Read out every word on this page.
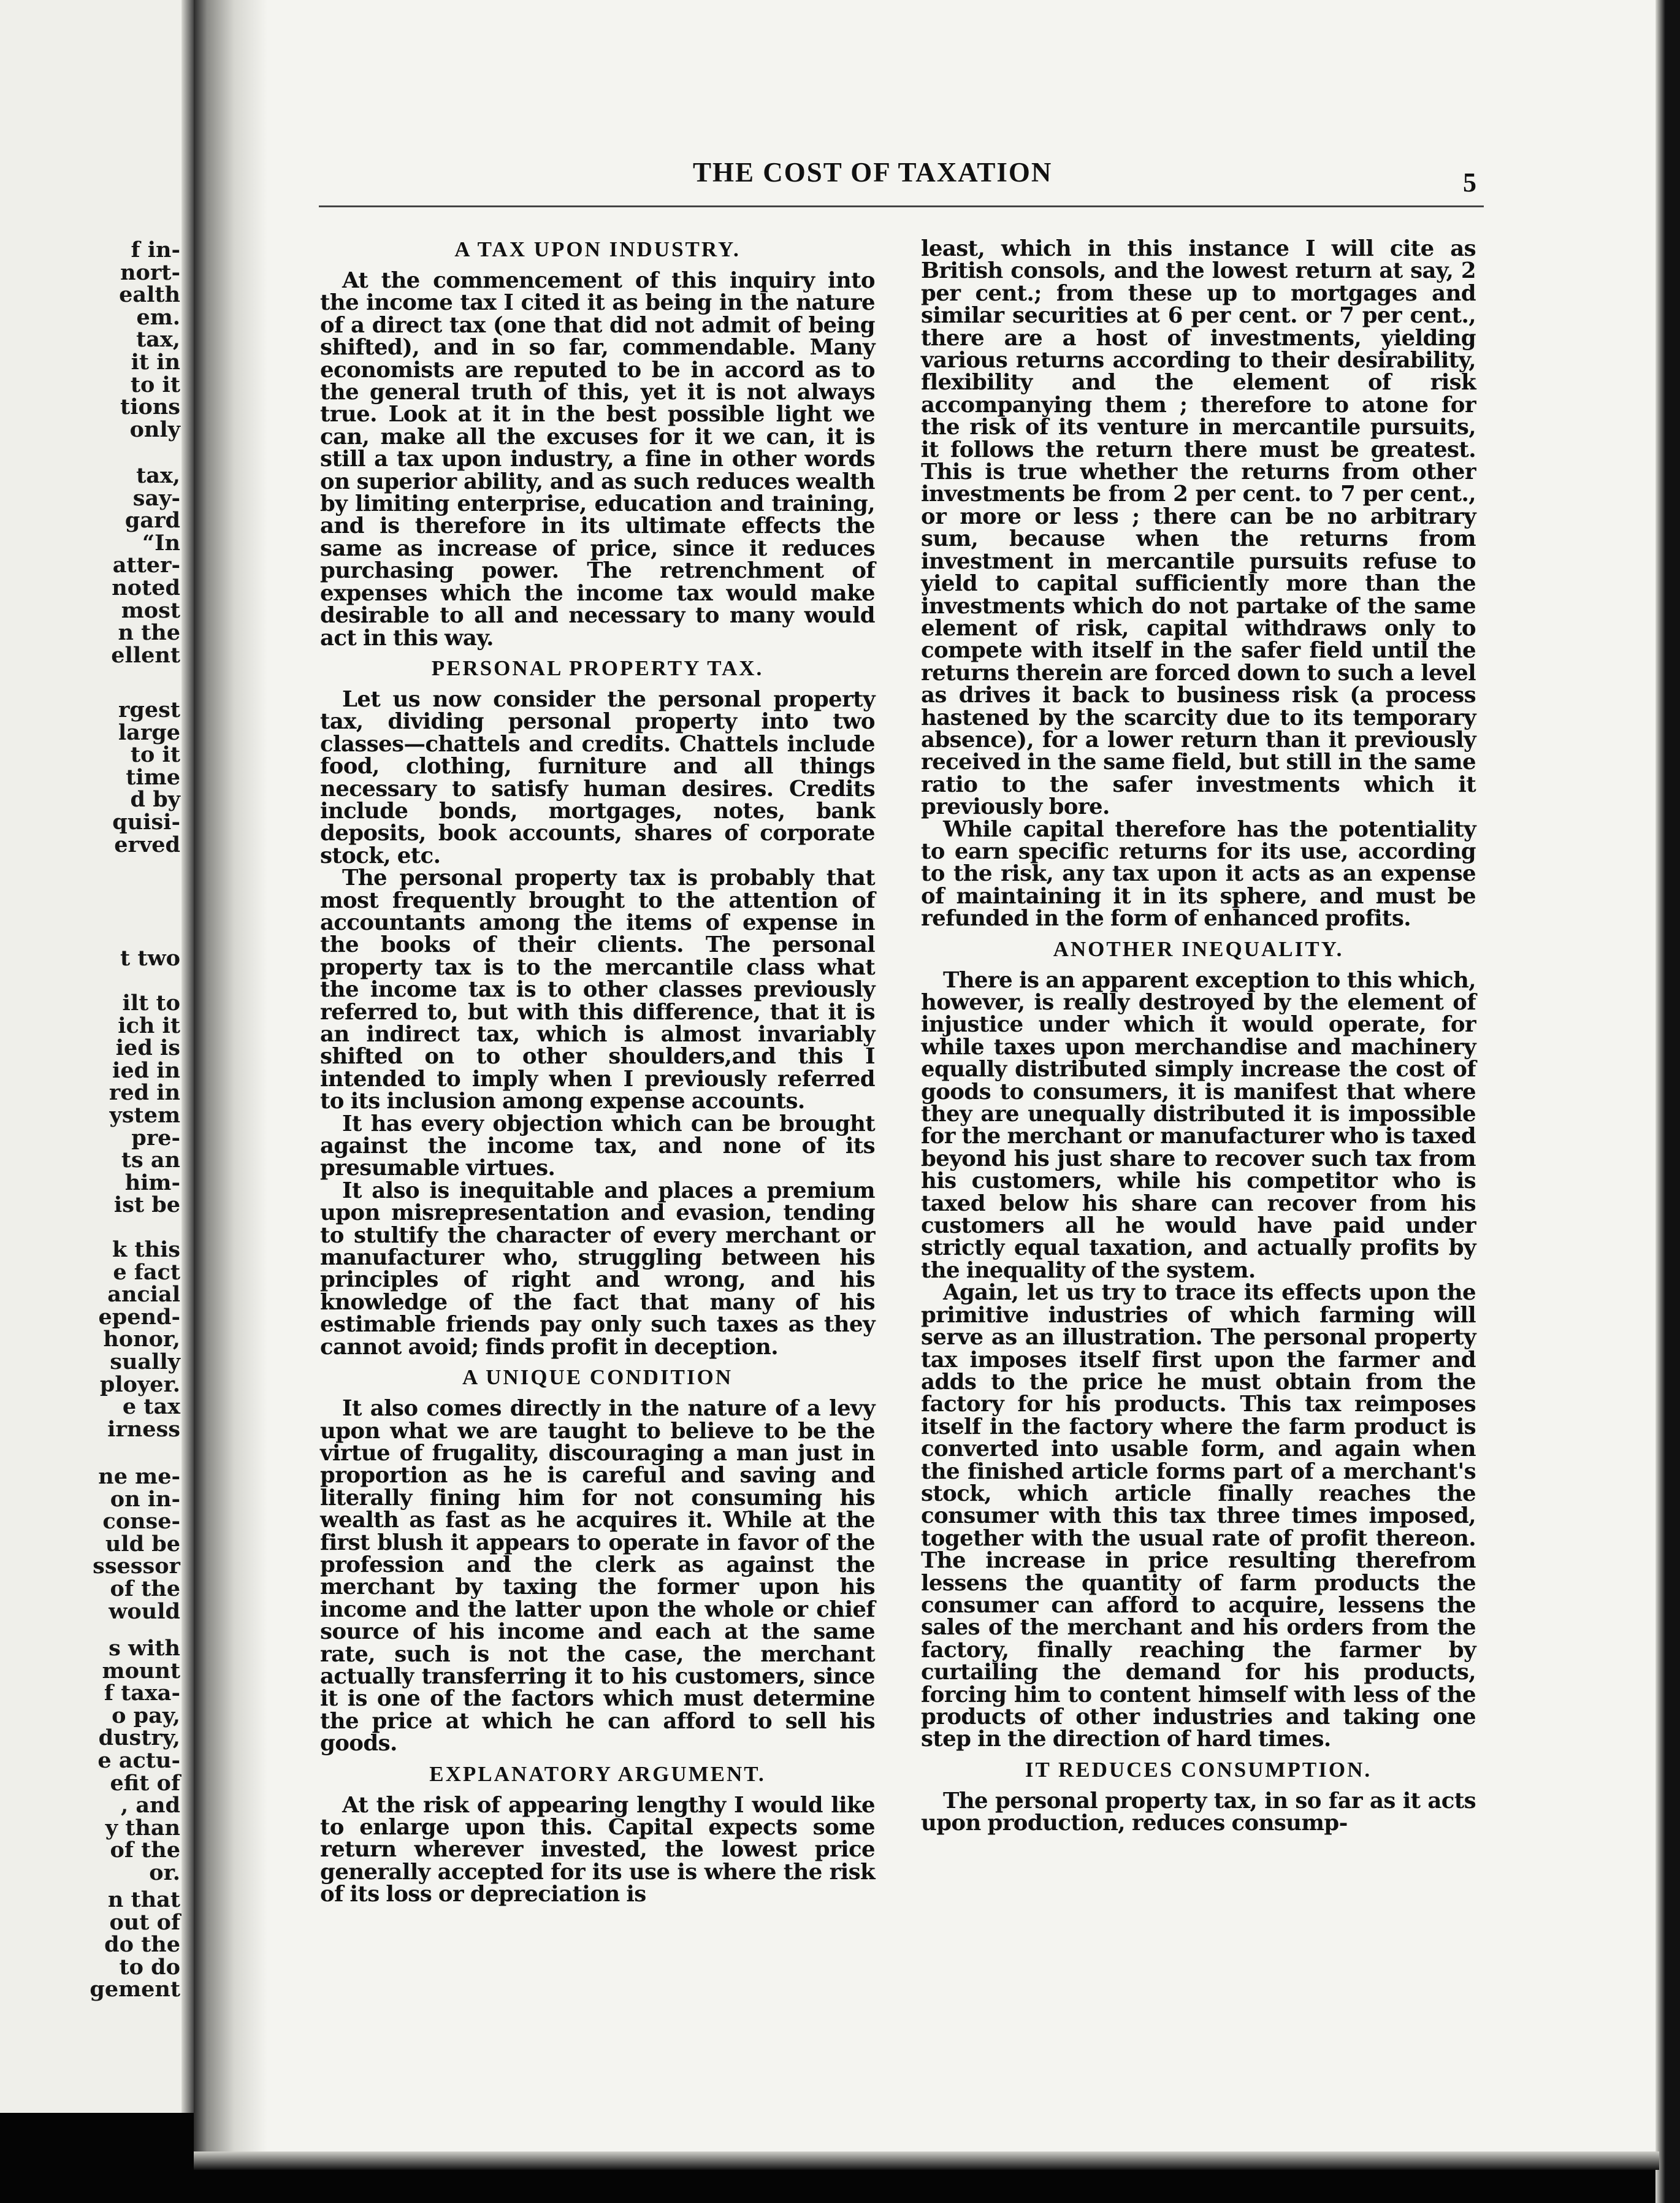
f in-
nort-
ealth
em.
tax,
it in
to it
tions
only
tax,
say-
gard
“In
atter-
noted
most
n the
ellent
rgest
large
to it
time
d by
quisi-
erved
t two
ilt to
ich it
ied is
ied in
red in
ystem
pre-
ts an
him-
ist be
k this
e fact
ancial
epend-
honor,
sually
ployer.
e tax
irness
ne me-
on in-
conse-
uld be
ssessor
of the
would
s with
mount
f taxa-
o pay,
dustry,
e actu-
efit of
, and
y than
of the
or.
n that
out of
do the
to do
gement
THE COST OF TAXATION	5
A TAX UPON INDUSTRY.
At the commencement of this inquiry into the income tax I cited it as being in the nature of a direct tax (one that did not admit of being shifted), and in so far, commendable. Many economists are reputed to be in accord as to the general truth of this, yet it is not always true. Look at it in the best possible light we can, make all the excuses for it we can, it is still a tax upon industry, a fine in other words on superior ability, and as such reduces wealth by limiting enterprise, education and training, and is therefore in its ultimate effects the same as increase of price, since it reduces purchasing power. The retrenchment of expenses which the income tax would make desirable to all and necessary to many would act in this way.
PERSONAL PROPERTY TAX.
Let us now consider the personal property tax, dividing personal property into two classes—chattels and credits. Chattels include food, clothing, furniture and all things necessary to satisfy human desires. Credits include bonds, mortgages, notes, bank deposits, book accounts, shares of corporate stock, etc.
The personal property tax is probably that most frequently brought to the attention of accountants among the items of expense in the books of their clients. The personal property tax is to the mercantile class what the income tax is to other classes previously referred to, but with this difference, that it is an indirect tax, which is almost invariably shifted on to other shoulders,and this I intended to imply when I previously referred to its inclusion among expense accounts.
It has every objection which can be brought against the income tax, and none of its presumable virtues.
It also is inequitable and places a premium upon misrepresentation and evasion, tending to stultify the character of every merchant or manufacturer who, struggling between his principles of right and wrong, and his knowledge of the fact that many of his estimable friends pay only such taxes as they cannot avoid; finds profit in deception.
A UNIQUE CONDITION
It also comes directly in the nature of a levy upon what we are taught to believe to be the virtue of frugality, discouraging a man just in proportion as he is careful and saving and literally fining him for not consuming his wealth as fast as he acquires it. While at the first blush it appears to operate in favor of the profession and the clerk as against the merchant by taxing the former upon his income and the latter upon the whole or chief source of his income and each at the same rate, such is not the case, the merchant actually transferring it to his customers, since it is one of the factors which must determine the price at which he can afford to sell his goods.
EXPLANATORY ARGUMENT.
At the risk of appearing lengthy I would like to enlarge upon this. Capital expects some return wherever invested, the lowest price generally accepted for its use is where the risk of its loss or depreciation is
least, which in this instance I will cite as British consols, and the lowest return at say, 2 per cent.; from these up to mortgages and similar securities at 6 per cent. or 7 per cent., there are a host of investments, yielding various returns according to their desirability, flexibility and the element of risk accompanying them ; therefore to atone for the risk of its venture in mercantile pursuits, it follows the return there must be greatest. This is true whether the returns from other investments be from 2 per cent. to 7 per cent., or more or less ; there can be no arbitrary sum, because when the returns from investment in mercantile pursuits refuse to yield to capital sufficiently more than the investments which do not partake of the same element of risk, capital withdraws only to compete with itself in the safer field until the returns therein are forced down to such a level as drives it back to business risk (a process hastened by the scarcity due to its temporary absence), for a lower return than it previously received in the same field, but still in the same ratio to the safer investments which it previously bore.
While capital therefore has the potentiality to earn specific returns for its use, according to the risk, any tax upon it acts as an expense of maintaining it in its sphere, and must be refunded in the form of enhanced profits.
ANOTHER INEQUALITY.
There is an apparent exception to this which, however, is really destroyed by the element of injustice under which it would operate, for while taxes upon merchandise and machinery equally distributed simply increase the cost of goods to consumers, it is manifest that where they are unequally distributed it is impossible for the merchant or manufacturer who is taxed beyond his just share to recover such tax from his customers, while his competitor who is taxed below his share can recover from his customers all he would have paid under strictly equal taxation, and actually profits by the inequality of the system.
Again, let us try to trace its effects upon the primitive industries of which farming will serve as an illustration. The personal property tax imposes itself first upon the farmer and adds to the price he must obtain from the factory for his products. This tax reimposes itself in the factory where the farm product is converted into usable form, and again when the finished article forms part of a merchant's stock, which article finally reaches the consumer with this tax three times imposed, together with the usual rate of profit thereon. The increase in price resulting therefrom lessens the quantity of farm products the consumer can afford to acquire, lessens the sales of the merchant and his orders from the factory, finally reaching the farmer by curtailing the demand for his products, forcing him to content himself with less of the products of other industries and taking one step in the direction of hard times.
IT REDUCES CONSUMPTION.
The personal property tax, in so far as it acts upon production, reduces consump-
